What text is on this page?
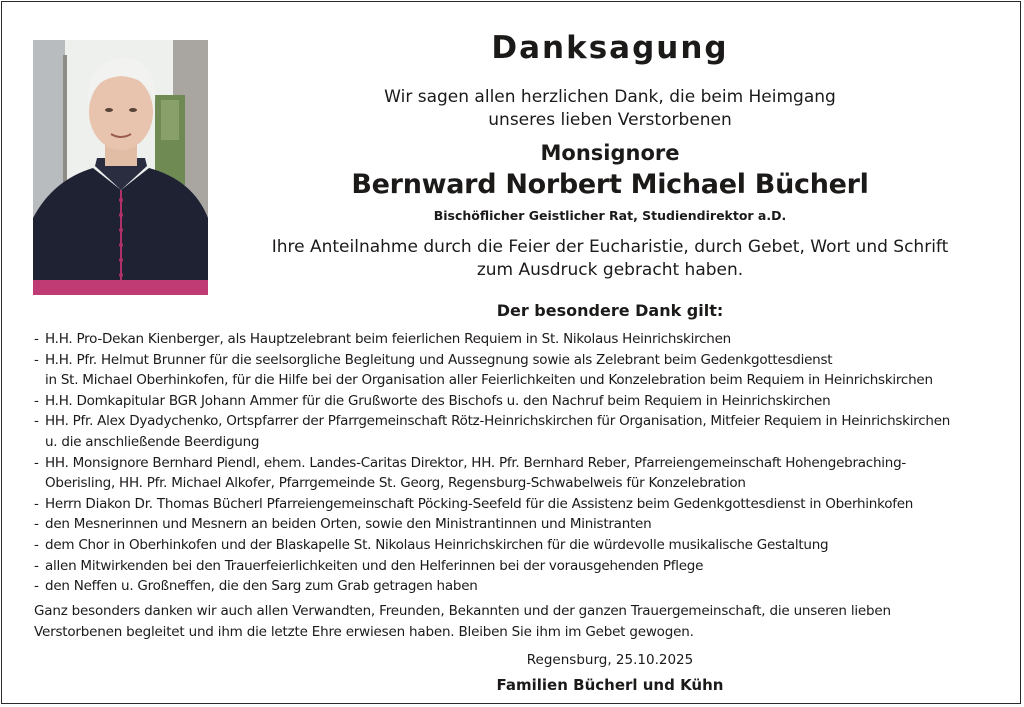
Danksagung
Wir sagen allen herzlichen Dank, die beim Heimgang
unseres lieben Verstorbenen
Monsignore
Bernward Norbert Michael Bücherl
Bischöflicher Geistlicher Rat, Studiendirektor a.D.
Ihre Anteilnahme durch die Feier der Eucharistie, durch Gebet, Wort und Schrift
zum Ausdruck gebracht haben.
Der besondere Dank gilt:
- H.H. Pro-Dekan Kienberger, als Hauptzelebrant beim feierlichen Requiem in St. Nikolaus Heinrichskirchen
- H.H. Pfr. Helmut Brunner für die seelsorgliche Begleitung und Aussegnung sowie als Zelebrant beim Gedenkgottesdienst
in St. Michael Oberhinkofen, für die Hilfe bei der Organisation aller Feierlichkeiten und Konzelebration beim Requiem in Heinrichskirchen
- H.H. Domkapitular BGR Johann Ammer für die Grußworte des Bischofs u. den Nachruf beim Requiem in Heinrichskirchen
- HH. Pfr. Alex Dyadychenko, Ortspfarrer der Pfarrgemeinschaft Rötz-Heinrichskirchen für Organisation, Mitfeier Requiem in Heinrichskirchen
u. die anschließende Beerdigung
- HH. Monsignore Bernhard Piendl, ehem. Landes-Caritas Direktor, HH. Pfr. Bernhard Reber, Pfarreiengemeinschaft Hohengebraching-
Oberisling, HH. Pfr. Michael Alkofer, Pfarrgemeinde St. Georg, Regensburg-Schwabelweis für Konzelebration
- Herrn Diakon Dr. Thomas Bücherl Pfarreiengemeinschaft Pöcking-Seefeld für die Assistenz beim Gedenkgottesdienst in Oberhinkofen
- den Mesnerinnen und Mesnern an beiden Orten, sowie den Ministrantinnen und Ministranten
- dem Chor in Oberhinkofen und der Blaskapelle St. Nikolaus Heinrichskirchen für die würdevolle musikalische Gestaltung
- allen Mitwirkenden bei den Trauerfeierlichkeiten und den Helferinnen bei der vorausgehenden Pflege
- den Neffen u. Großneffen, die den Sarg zum Grab getragen haben
Ganz besonders danken wir auch allen Verwandten, Freunden, Bekannten und der ganzen Trauergemeinschaft, die unseren lieben
Verstorbenen begleitet und ihm die letzte Ehre erwiesen haben. Bleiben Sie ihm im Gebet gewogen.
Regensburg, 25.10.2025
Familien Bücherl und Kühn
